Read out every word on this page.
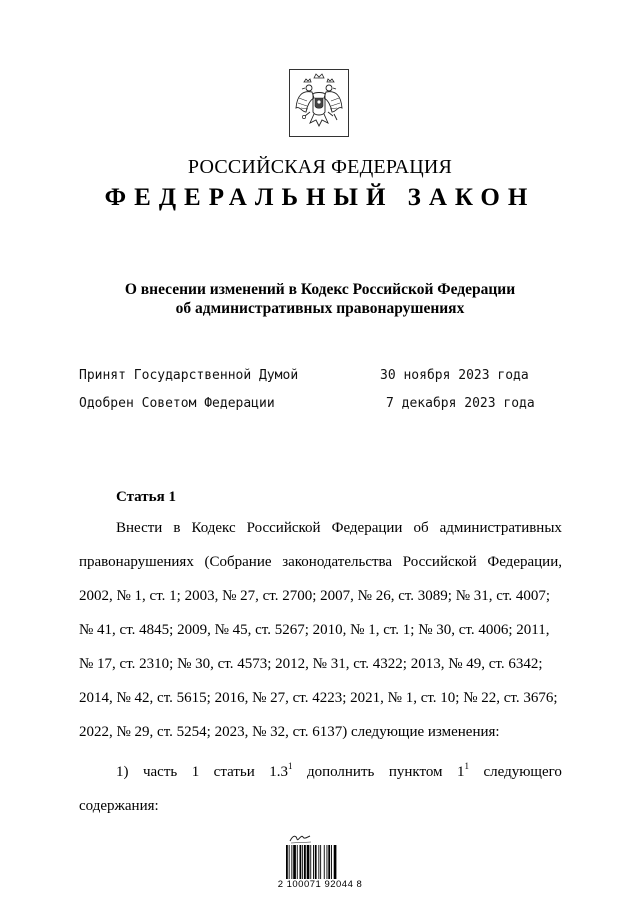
РОССИЙСКАЯ ФЕДЕРАЦИЯ
ФЕДЕРАЛЬНЫЙ ЗАКОН
О внесении изменений в Кодекс Российской Федерации
об административных правонарушениях
Принят Государственной Думой	30 ноября 2023 года
Одобрен Советом Федерации	7 декабря 2023 года
Статья 1
Внести в Кодекс Российской Федерации об административных
правонарушениях (Собрание законодательства Российской Федерации,
2002, № 1, ст. 1; 2003, № 27, ст. 2700; 2007, № 26, ст. 3089; № 31, ст. 4007;
№ 41, ст. 4845; 2009, № 45, ст. 5267; 2010, № 1, ст. 1; № 30, ст. 4006; 2011,
№ 17, ст. 2310; № 30, ст. 4573; 2012, № 31, ст. 4322; 2013, № 49, ст. 6342;
2014, № 42, ст. 5615; 2016, № 27, ст. 4223; 2021, № 1, ст. 10; № 22, ст. 3676;
2022, № 29, ст. 5254; 2023, № 32, ст. 6137) следующие изменения:
1) часть 1 статьи $1.3^1$ дополнить пунктом $1^1$ следующего
содержания:
2 100071 92044 8
